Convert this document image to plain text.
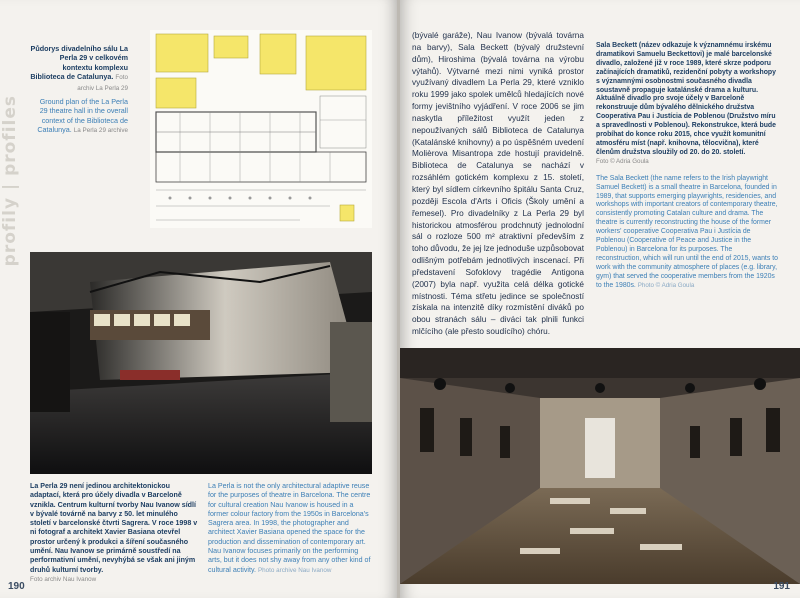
profily | profiles
Půdorys divadelního sálu La Perla 29 v celkovém kontextu komplexu Biblioteca de Catalunya. Foto archiv La Perla 29
Ground plan of the La Perla 29 theatre hall in the overall context of the Biblioteca de Catalunya. La Perla 29 archive
La Perla 29 není jedinou architektonickou adaptací, která pro účely divadla v Barceloně vznikla. Centrum kulturní tvorby Nau Ivanow sídlí v bývalé továrně na barvy z 50. let minulého století v barcelonské čtvrti Sagrera. V roce 1998 v ni fotograf a architekt Xavier Basiana otevřel prostor určený k produkci a šíření současného umění. Nau Ivanow se primárně soustředí na performativní umění, nevyhýbá se však ani jiným druhů kulturní tvorby.
Foto archiv Nau Ivanow
La Perla is not the only architectural adaptive reuse for the purposes of theatre in Barcelona. The centre for cultural creation Nau Ivanow is housed in a former colour factory from the 1950s in Barcelona's Sagrera area. In 1998, the photographer and architect Xavier Basiana opened the space for the production and dissemination of contemporary art. Nau Ivanow focuses primarily on the performing arts, but it does not shy away from any other kind of cultural activity. Photo archive Nau Ivanow
190
(bývalé garáže), Nau Ivanow (bývalá továrna na barvy), Sala Beckett (bývalý družstevní dům), Hiroshima (bývalá továrna na výrobu výtahů). Výtvarné mezi nimi vyniká prostor využívaný divadlem La Perla 29, které vzniklo roku 1999 jako spolek umělců hledajících nové formy jevištního vyjádření. V roce 2006 se jim naskytla příležitost využít jeden z nepoužívaných sálů Biblioteca de Catalunya (Katalánské knihovny) a po úspěšném uvedení Molièrova Misantropa zde hostují pravidelně. Biblioteca de Catalunya se nachází v rozsáhlém gotickém komplexu z 15. století, který byl sídlem církevního špitálu Santa Cruz, později Escola d'Arts i Oficis (Školy umění a řemesel). Pro divadelníky z La Perla 29 byl historickou atmosférou prodchnutý jednolodní sál o rozloze 500 m² atraktivní především z toho důvodu, že jej lze jednoduše uzpůsobovat odlišným potřebám jednotlivých inscenací. Při představení Sofoklovy tragédie Antigona (2007) byla např. využita celá délka gotické místnosti. Téma střetu jedince se společností získala na intenzitě díky rozmístění diváků po obou stranách sálu – diváci tak plnili funkci mlčícího (ale přesto soudícího) chóru.
Sala Beckett (název odkazuje k významnému irskému dramatikovi Samuelu Beckettovi) je malé barcelonské divadlo, založené již v roce 1989, které skrze podporu začínajících dramatiků, rezidenční pobyty a workshopy s významnými osobnostmi současného divadla soustavně propaguje katalánské drama a kulturu. Aktuálně divadlo pro svoje účely v Barceloně rekonstruuje dům bývalého dělnického družstva Cooperativa Pau i Justícia de Poblenou (Družstvo míru a spravedlnosti v Poblenou). Rekonstrukce, která bude probíhat do konce roku 2015, chce využít komunitní atmosféru míst (např. knihovna, tělocvična), které členům družstva sloužily od 20. do 20. století.
Foto © Adria Goula
The Sala Beckett (the name refers to the Irish playwright Samuel Beckett) is a small theatre in Barcelona, founded in 1989, that supports emerging playwrights, residencies, and workshops with important creators of contemporary theatre, consistently promoting Catalan culture and drama. The theatre is currently reconstructing the house of the former workers' cooperative Cooperativa Pau i Justícia de Poblenou (Cooperative of Peace and Justice in the Poblenou) in Barcelona for its purposes. The reconstruction, which will run until the end of 2015, wants to work with the community atmosphere of places (e.g. library, gym) that served the cooperative members from the 1920s to the 1980s. Photo © Adria Goula
191
